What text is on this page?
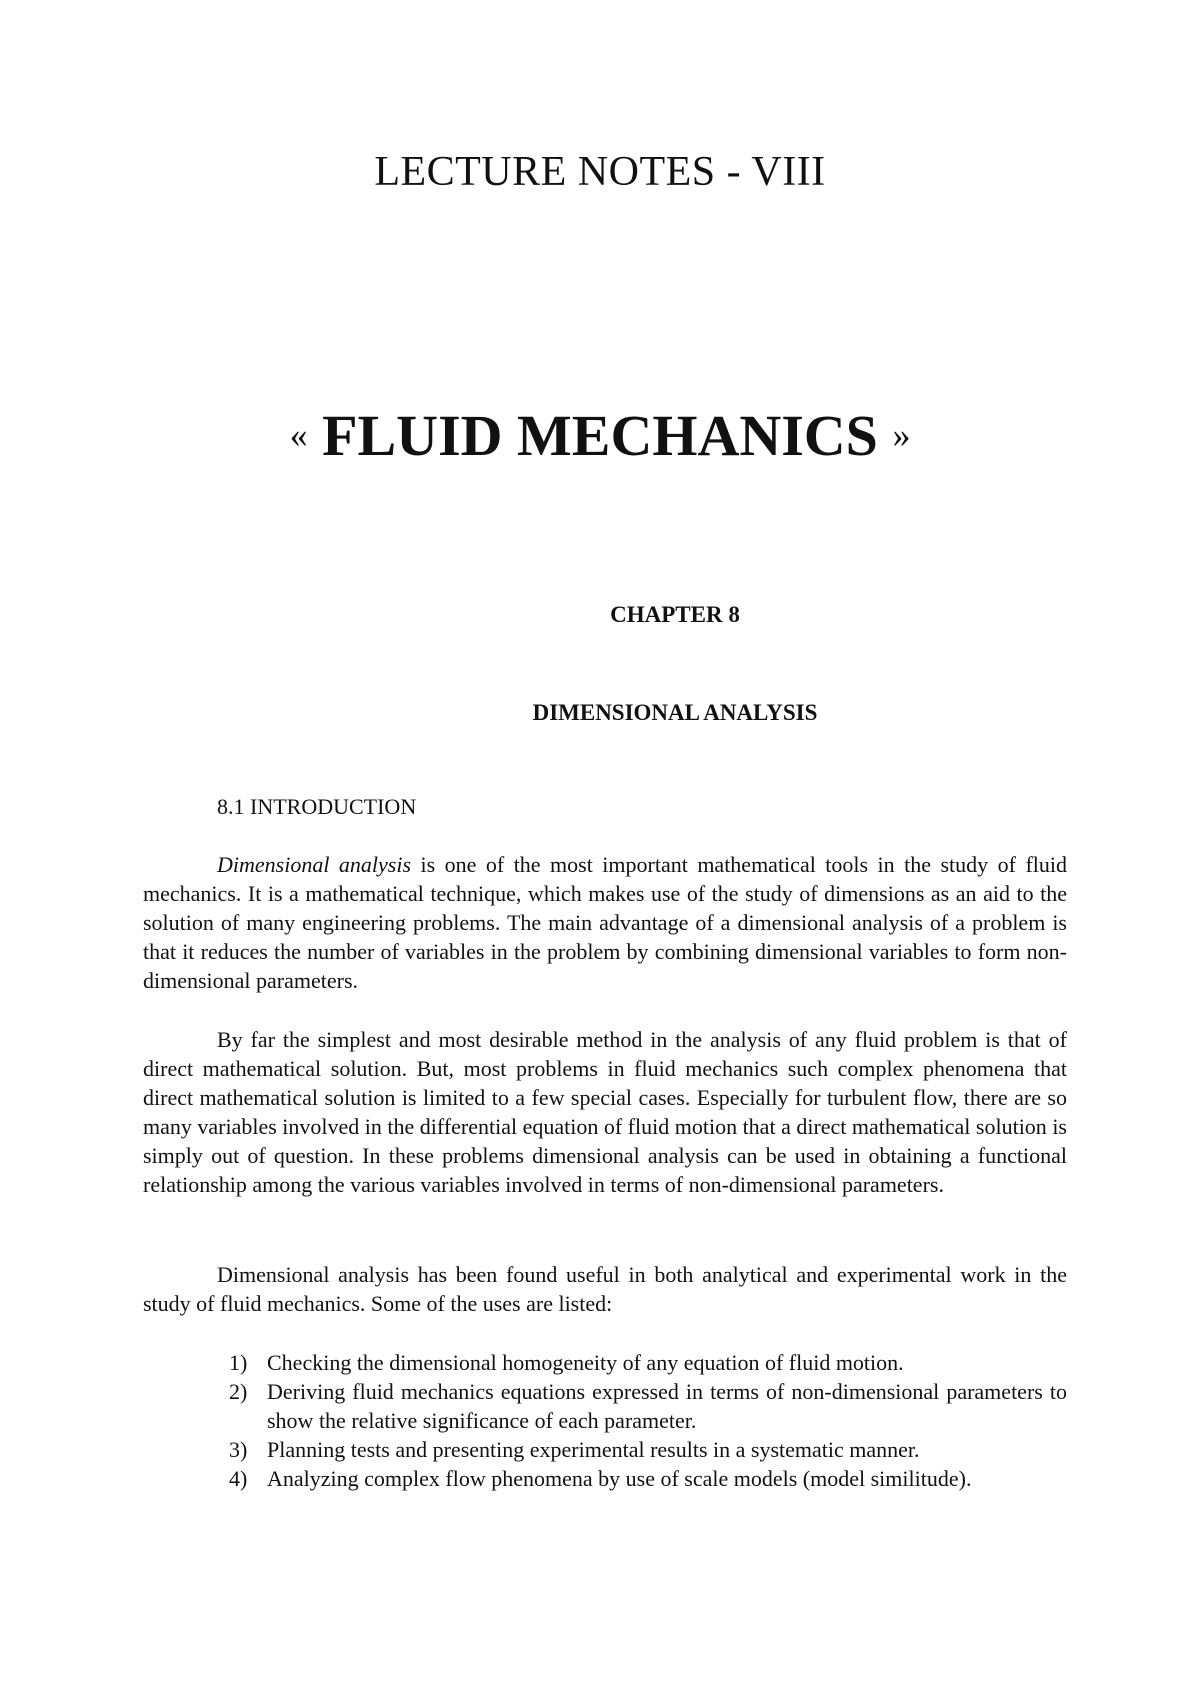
LECTURE NOTES - VIII
« FLUID MECHANICS »
CHAPTER 8
DIMENSIONAL ANALYSIS
8.1 INTRODUCTION

Dimensional analysis is one of the most important mathematical tools in the study of fluid mechanics. It is a mathematical technique, which makes use of the study of dimensions as an aid to the solution of many engineering problems. The main advantage of a dimensional analysis of a problem is that it reduces the number of variables in the problem by combining dimensional variables to form non-dimensional parameters.

By far the simplest and most desirable method in the analysis of any fluid problem is that of direct mathematical solution. But, most problems in fluid mechanics such complex phenomena that direct mathematical solution is limited to a few special cases. Especially for turbulent flow, there are so many variables involved in the differential equation of fluid motion that a direct mathematical solution is simply out of question. In these problems dimensional analysis can be used in obtaining a functional relationship among the various variables involved in terms of non-dimensional parameters.

Dimensional analysis has been found useful in both analytical and experimental work in the study of fluid mechanics. Some of the uses are listed:

1) Checking the dimensional homogeneity of any equation of fluid motion.
2) Deriving fluid mechanics equations expressed in terms of non-dimensional parameters to show the relative significance of each parameter.
3) Planning tests and presenting experimental results in a systematic manner.
4) Analyzing complex flow phenomena by use of scale models (model similitude).
